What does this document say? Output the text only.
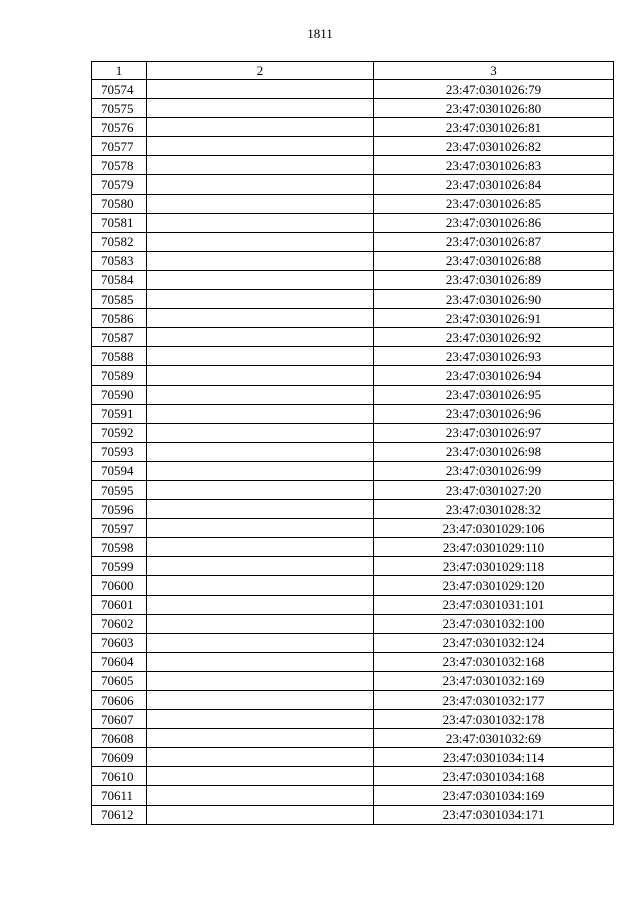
1811
1	2	3
70574		23:47:0301026:79
70575		23:47:0301026:80
70576		23:47:0301026:81
70577		23:47:0301026:82
70578		23:47:0301026:83
70579		23:47:0301026:84
70580		23:47:0301026:85
70581		23:47:0301026:86
70582		23:47:0301026:87
70583		23:47:0301026:88
70584		23:47:0301026:89
70585		23:47:0301026:90
70586		23:47:0301026:91
70587		23:47:0301026:92
70588		23:47:0301026:93
70589		23:47:0301026:94
70590		23:47:0301026:95
70591		23:47:0301026:96
70592		23:47:0301026:97
70593		23:47:0301026:98
70594		23:47:0301026:99
70595		23:47:0301027:20
70596		23:47:0301028:32
70597		23:47:0301029:106
70598		23:47:0301029:110
70599		23:47:0301029:118
70600		23:47:0301029:120
70601		23:47:0301031:101
70602		23:47:0301032:100
70603		23:47:0301032:124
70604		23:47:0301032:168
70605		23:47:0301032:169
70606		23:47:0301032:177
70607		23:47:0301032:178
70608		23:47:0301032:69
70609		23:47:0301034:114
70610		23:47:0301034:168
70611		23:47:0301034:169
70612		23:47:0301034:171
